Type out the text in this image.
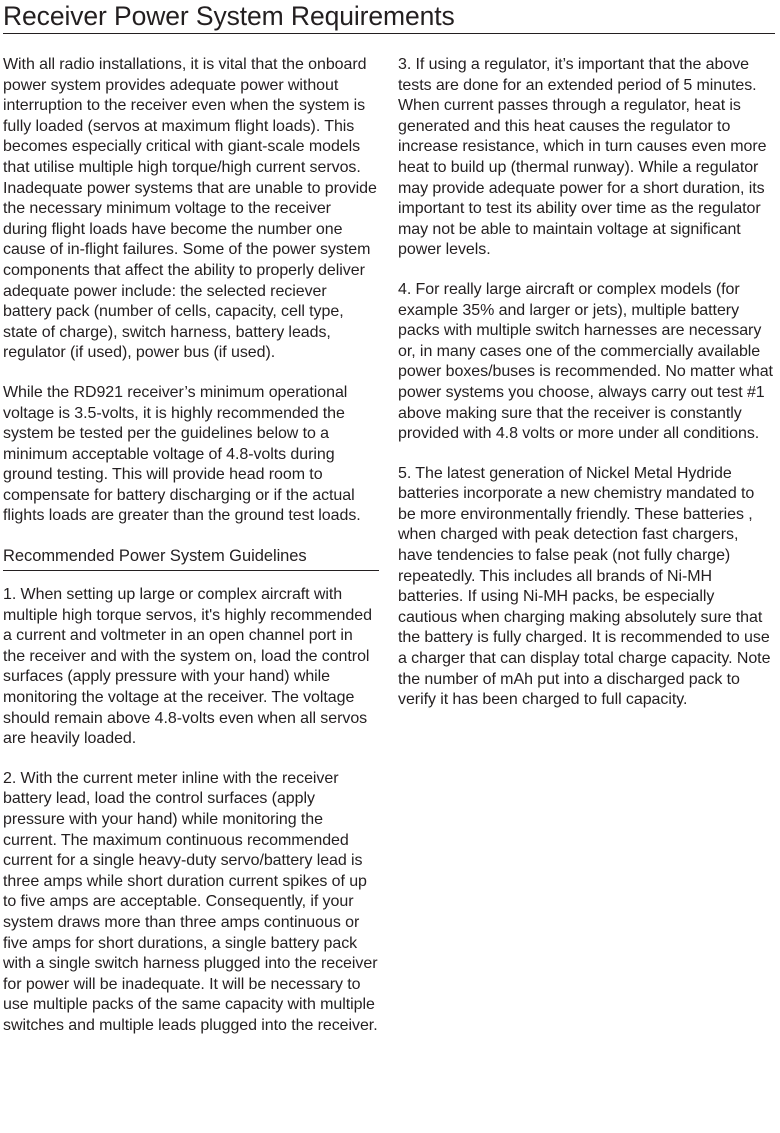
Receiver Power System Requirements

With all radio installations, it is vital that the onboard power system provides adequate power without interruption to the receiver even when the system is fully loaded (servos at maximum flight loads). This becomes especially critical with giant-scale models that utilise multiple high torque/high current servos. Inadequate power systems that are unable to provide the necessary minimum voltage to the receiver during flight loads have become the number one cause of in-flight failures. Some of the power system components that affect the ability to properly deliver adequate power include: the selected reciever battery pack (number of cells, capacity, cell type, state of charge), switch harness, battery leads, regulator (if used), power bus (if used).

While the RD921 receiver’s minimum operational voltage is 3.5-volts, it is highly recommended the system be tested per the guidelines below to a minimum acceptable voltage of 4.8-volts during ground testing. This will provide head room to compensate for battery discharging or if the actual flights loads are greater than the ground test loads.

Recommended Power System Guidelines

1. When setting up large or complex aircraft with multiple high torque servos, it's highly recommended a current and voltmeter in an open channel port in the receiver and with the system on, load the control surfaces (apply pressure with your hand) while monitoring the voltage at the receiver. The voltage should remain above 4.8-volts even when all servos are heavily loaded.

2. With the current meter inline with the receiver battery lead, load the control surfaces (apply pressure with your hand) while monitoring the current. The maximum continuous recommended current for a single heavy-duty servo/battery lead is three amps while short duration current spikes of up to five amps are acceptable. Consequently, if your system draws more than three amps continuous or five amps for short durations, a single battery pack with a single switch harness plugged into the receiver for power will be inadequate. It will be necessary to use multiple packs of the same capacity with multiple switches and multiple leads plugged into the receiver.

3. If using a regulator, it’s important that the above tests are done for an extended period of 5 minutes. When current passes through a regulator, heat is generated and this heat causes the regulator to increase resistance, which in turn causes even more heat to build up (thermal runway). While a regulator may provide adequate power for a short duration, its important to test its ability over time as the regulator may not be able to maintain voltage at significant power levels.

4. For really large aircraft or complex models (for example 35% and larger or jets), multiple battery packs with multiple switch harnesses are necessary or, in many cases one of the commercially available power boxes/buses is recommended. No matter what power systems you choose, always carry out test #1 above making sure that the receiver is constantly provided with 4.8 volts or more under all conditions.

5. The latest generation of Nickel Metal Hydride batteries incorporate a new chemistry mandated to be more environmentally friendly. These batteries , when charged with peak detection fast chargers, have tendencies to false peak (not fully charge) repeatedly. This includes all brands of Ni-MH batteries. If using Ni-MH packs, be especially cautious when charging making absolutely sure that the battery is fully charged. It is recommended to use a charger that can display total charge capacity. Note the number of mAh put into a discharged pack to verify it has been charged to full capacity.
